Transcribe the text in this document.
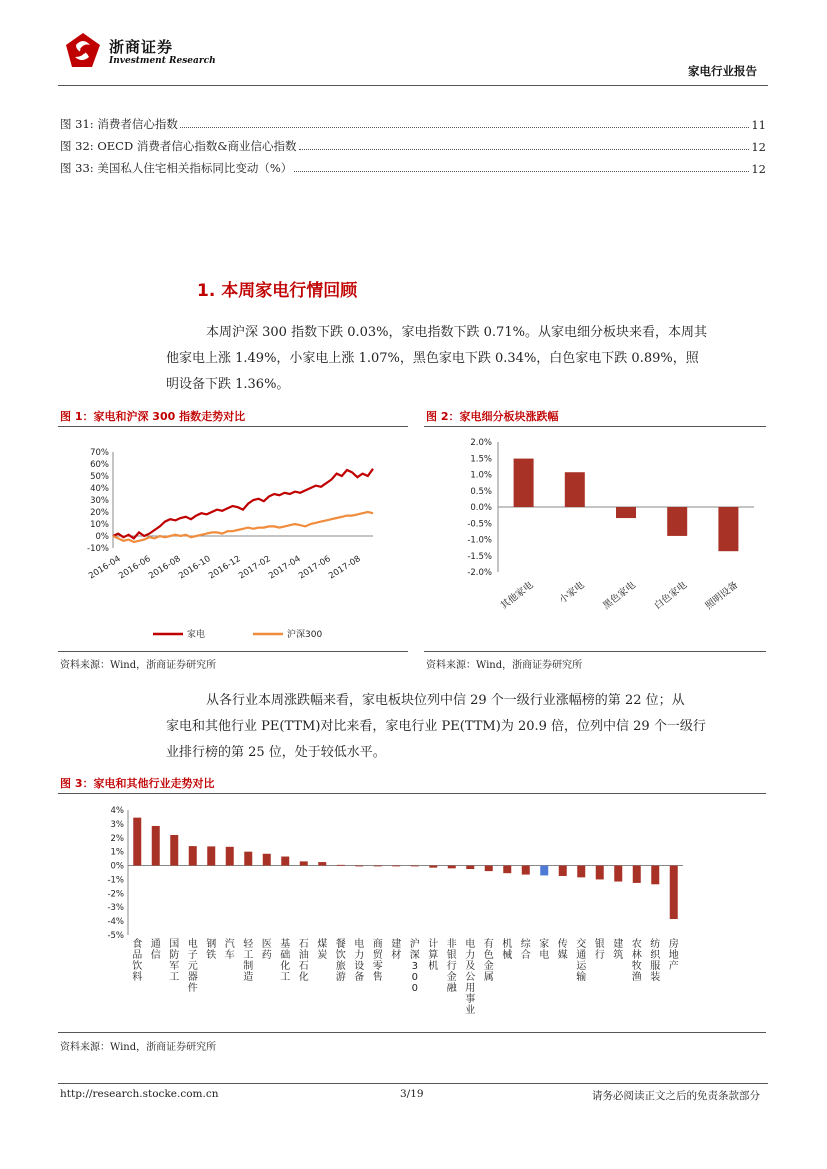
浙商证券
Investment Research
家电行业报告
图 31: 消费者信心指数	11
图 32: OECD 消费者信心指数&商业信心指数	12
图 33: 美国私人住宅相关指标同比变动（%）	12
1. 本周家电行情回顾
本周沪深 300 指数下跌 0.03%，家电指数下跌 0.71%。从家电细分板块来看，本周其
他家电上涨 1.49%，小家电上涨 1.07%，黑色家电下跌 0.34%，白色家电下跌 0.89%，照
明设备下跌 1.36%。
图 1：家电和沪深 300 指数走势对比	图 2：家电细分板块涨跌幅
70%
60%
50%
40%
30%
20%
10%
0%
-10%
2016-04
2016-06
2016-08
2016-10
2016-12
2017-02
2017-04
2017-06
2017-08
家电	沪深300
资料来源：Wind，浙商证券研究所
2.0%
1.5%
1.0%
0.5%
0.0%
-0.5%
-1.0%
-1.5%
-2.0%
其他家电 小家电 黑色家电 白色家电 照明设备
资料来源：Wind，浙商证券研究所
从各行业本周涨跌幅来看，家电板块位列中信 29 个一级行业涨幅榜的第 22 位；从
家电和其他行业 PE(TTM)对比来看，家电行业 PE(TTM)为 20.9 倍，位列中信 29 个一级行
业排行榜的第 25 位，处于较低水平。
图 3：家电和其他行业走势对比
4%
3%
2%
1%
0%
-1%
-2%
-3%
-4%
-5%
食品饮料
通信
国防军工
电子元器件
钢铁
汽车
轻工制造
医药
基础化工
石油石化
煤炭
餐饮旅游
电力设备
商贸零售
建材
沪深 3 0 0
计算机
非银行金融
电力及公用事业
有色金属
机械
综合
家电
传媒
交通运输
银行
建筑
农林牧渔
纺织服装
房地产
资料来源：Wind，浙商证券研究所
http://research.stocke.com.cn	3/19	请务必阅读正文之后的免责条款部分
